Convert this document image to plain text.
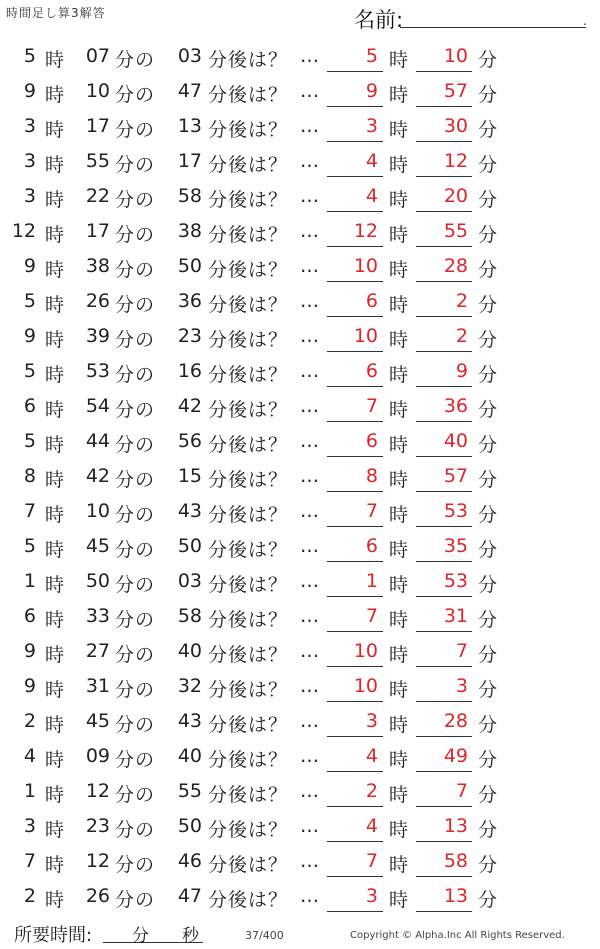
時間足し算3解答	名前:	.
5 時	07 分の	03 分後は？ …	5 時	10 分
9 時	10 分の	47 分後は？ …	9 時	57 分
3 時	17 分の	13 分後は？ …	3 時	30 分
3 時	55 分の	17 分後は？ …	4 時	12 分
3 時	22 分の	58 分後は？ …	4 時	20 分
12 時	17 分の	38 分後は？ …	12 時	55 分
9 時	38 分の	50 分後は？ …	10 時	28 分
5 時	26 分の	36 分後は？ …	6 時	2 分
9 時	39 分の	23 分後は？ …	10 時	2 分
5 時	53 分の	16 分後は？ …	6 時	9 分
6 時	54 分の	42 分後は？ …	7 時	36 分
5 時	44 分の	56 分後は？ …	6 時	40 分
8 時	42 分の	15 分後は？ …	8 時	57 分
7 時	10 分の	43 分後は？ …	7 時	53 分
5 時	45 分の	50 分後は？ …	6 時	35 分
1 時	50 分の	03 分後は？ …	1 時	53 分
6 時	33 分の	58 分後は？ …	7 時	31 分
9 時	27 分の	40 分後は？ …	10 時	7 分
9 時	31 分の	32 分後は？ …	10 時	3 分
2 時	45 分の	43 分後は？ …	3 時	28 分
4 時	09 分の	40 分後は？ …	4 時	49 分
1 時	12 分の	55 分後は？ …	2 時	7 分
3 時	23 分の	50 分後は？ …	4 時	13 分
7 時	12 分の	46 分後は？ …	7 時	58 分
2 時	26 分の	47 分後は？ …	3 時	13 分
所要時間: 分 秒	37/400	Copyright © Alpha.Inc All Rights Reserved.
